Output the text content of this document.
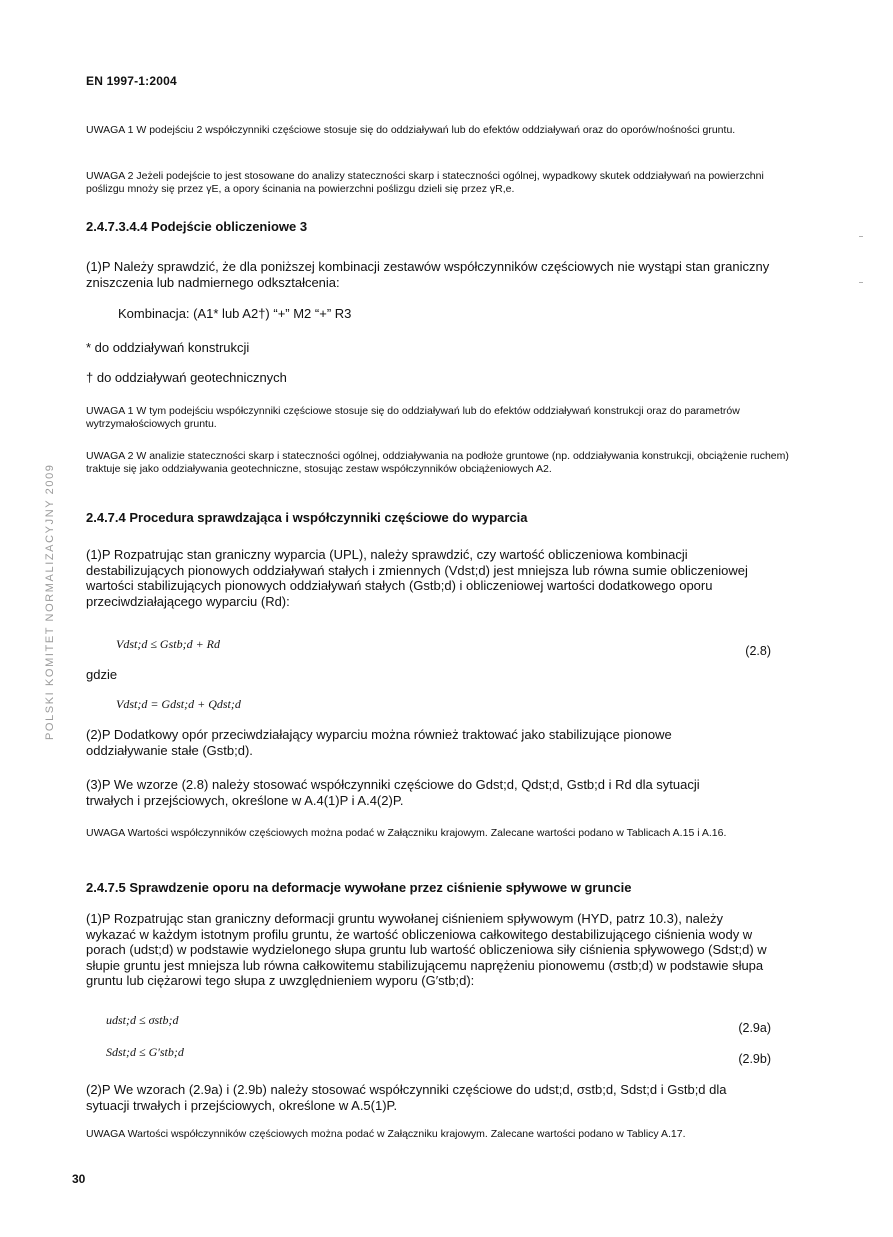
EN 1997-1:2004
UWAGA 1 W podejściu 2 współczynniki częściowe stosuje się do oddziaływań lub do efektów oddziaływań oraz do oporów/nośności gruntu.
UWAGA 2 Jeżeli podejście to jest stosowane do analizy stateczności skarp i stateczności ogólnej, wypadkowy skutek oddziaływań na powierzchni poślizgu mnoży się przez γE, a opory ścinania na powierzchni poślizgu dzieli się przez γR,e.
2.4.7.3.4.4 Podejście obliczeniowe 3
(1)P Należy sprawdzić, że dla poniższej kombinacji zestawów współczynników częściowych nie wystąpi stan graniczny zniszczenia lub nadmiernego odkształcenia:
Kombinacja: (A1* lub A2†) “+” M2 “+” R3
* do oddziaływań konstrukcji
† do oddziaływań geotechnicznych
UWAGA 1 W tym podejściu współczynniki częściowe stosuje się do oddziaływań lub do efektów oddziaływań konstrukcji oraz do parametrów wytrzymałościowych gruntu.
UWAGA 2 W analizie stateczności skarp i stateczności ogólnej, oddziaływania na podłoże gruntowe (np. oddziaływania konstrukcji, obciążenie ruchem) traktuje się jako oddziaływania geotechniczne, stosując zestaw współczynników obciążeniowych A2.
2.4.7.4 Procedura sprawdzająca i współczynniki częściowe do wyparcia
(1)P Rozpatrując stan graniczny wyparcia (UPL), należy sprawdzić, czy wartość obliczeniowa kombinacji destabilizujących pionowych oddziaływań stałych i zmiennych (Vdst;d) jest mniejsza lub równa sumie obliczeniowej wartości stabilizujących pionowych oddziaływań stałych (Gstb;d) i obliczeniowej wartości dodatkowego oporu przeciwdziałającego wyparciu (Rd):
Vdst;d ≤ Gstb;d + Rd	(2.8)
gdzie
Vdst;d = Gdst;d + Qdst;d
(2)P Dodatkowy opór przeciwdziałający wyparciu można również traktować jako stabilizujące pionowe oddziaływanie stałe (Gstb;d).
(3)P We wzorze (2.8) należy stosować współczynniki częściowe do Gdst;d, Qdst;d, Gstb;d i Rd dla sytuacji trwałych i przejściowych, określone w A.4(1)P i A.4(2)P.
UWAGA Wartości współczynników częściowych można podać w Załączniku krajowym. Zalecane wartości podano w Tablicach A.15 i A.16.
2.4.7.5 Sprawdzenie oporu na deformacje wywołane przez ciśnienie spływowe w gruncie
(1)P Rozpatrując stan graniczny deformacji gruntu wywołanej ciśnieniem spływowym (HYD, patrz 10.3), należy wykazać w każdym istotnym profilu gruntu, że wartość obliczeniowa całkowitego destabilizującego ciśnienia wody w porach (udst;d) w podstawie wydzielonego słupa gruntu lub wartość obliczeniowa siły ciśnienia spływowego (Sdst;d) w słupie gruntu jest mniejsza lub równa całkowitemu stabilizującemu naprężeniu pionowemu (σstb;d) w podstawie słupa gruntu lub ciężarowi tego słupa z uwzględnieniem wyporu (G′stb;d):
udst;d ≤ σstb;d
(2.9a)
Sdst;d ≤ G′stb;d	(2.9b)
(2)P We wzorach (2.9a) i (2.9b) należy stosować współczynniki częściowe do udst;d, σstb;d, Sdst;d i Gstb;d dla sytuacji trwałych i przejściowych, określone w A.5(1)P.
UWAGA Wartości współczynników częściowych można podać w Załączniku krajowym. Zalecane wartości podano w Tablicy A.17.
30
POLSKI KOMITET NORMALIZACYJNY 2009
